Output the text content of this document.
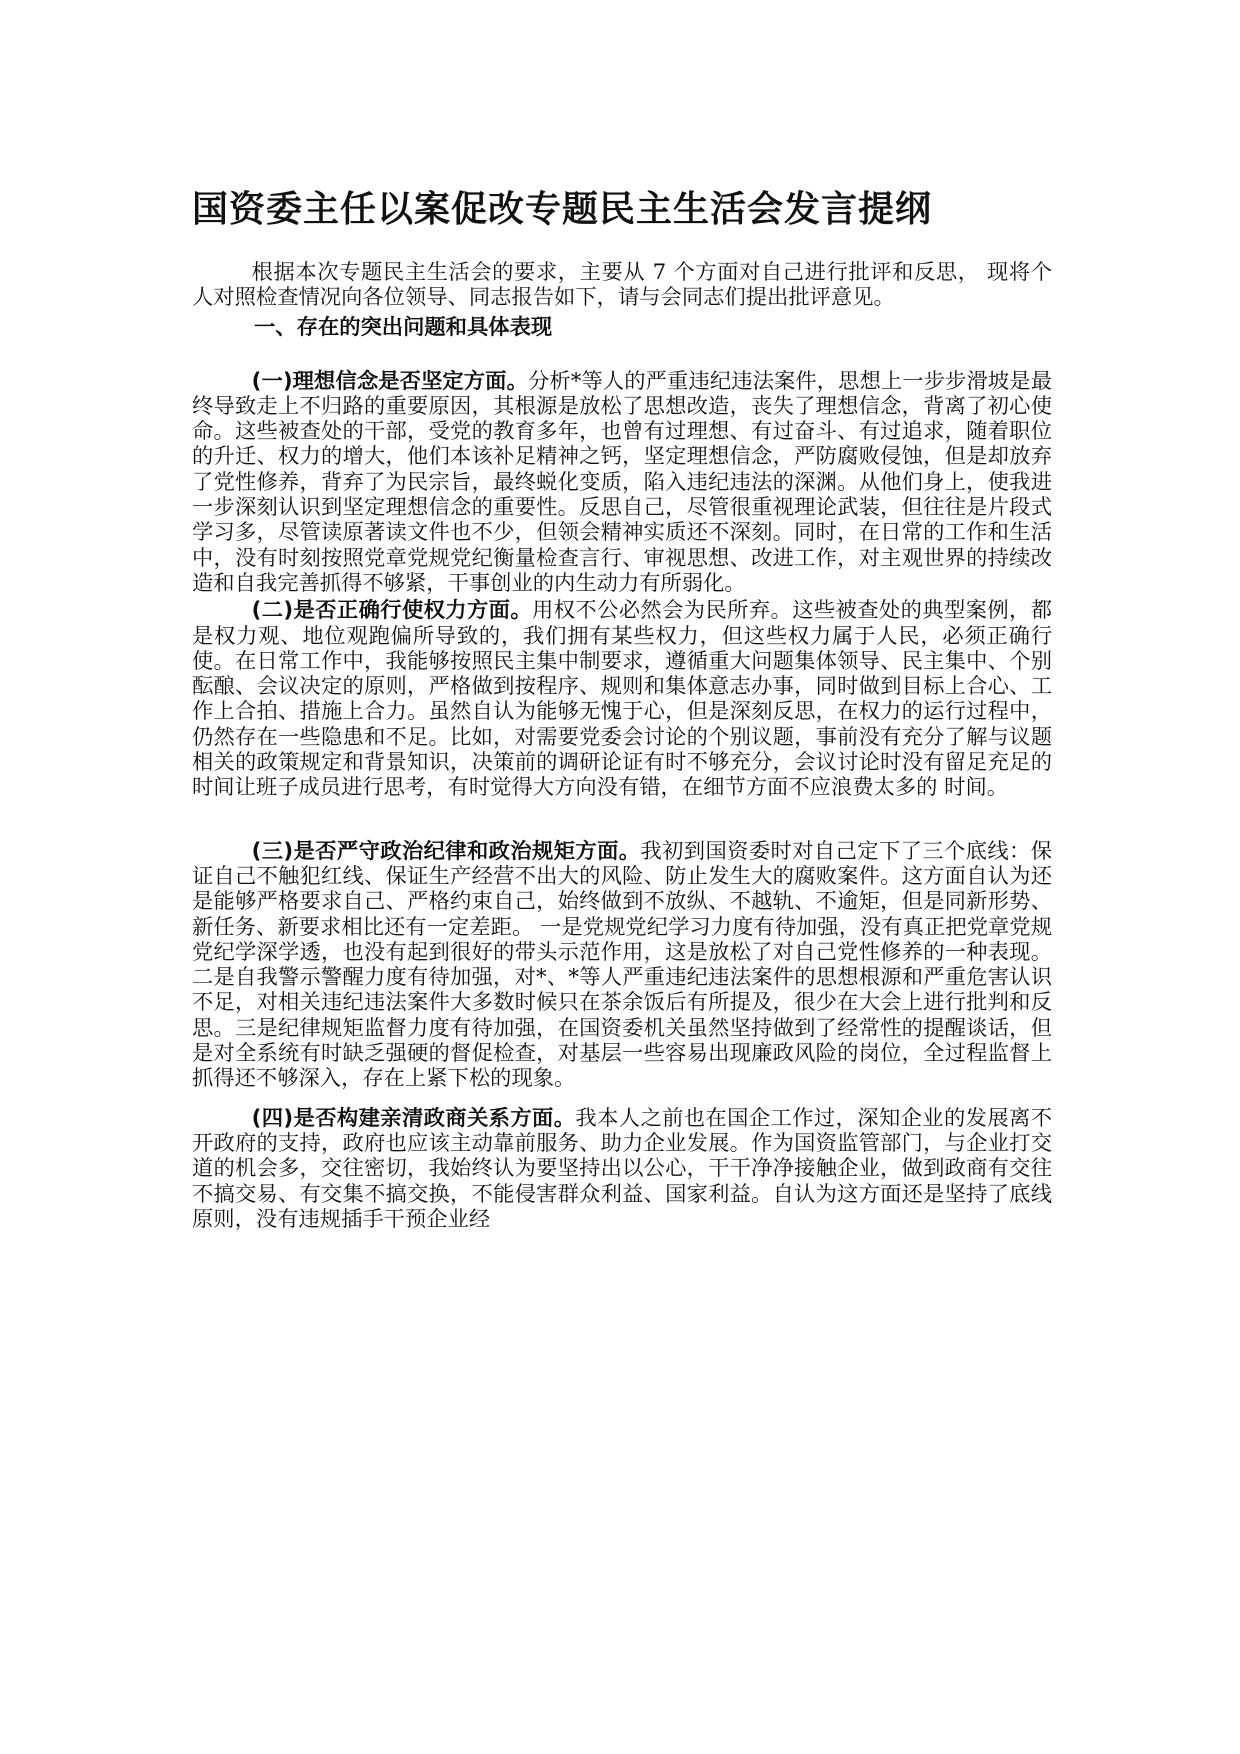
国资委主任以案促改专题民主生活会发言提纲

根据本次专题民主生活会的要求，主要从 7 个方面对自己进行批评和反思， 现将个人对照检查情况向各位领导、同志报告如下，请与会同志们提出批评意见。

一、存在的突出问题和具体表现

(一)理想信念是否坚定方面。分析*等人的严重违纪违法案件，思想上一步步滑坡是最终导致走上不归路的重要原因，其根源是放松了思想改造，丧失了理想信念，背离了初心使命。这些被查处的干部，受党的教育多年，也曾有过理想、有过奋斗、有过追求，随着职位的升迁、权力的增大，他们本该补足精神之钙，坚定理想信念，严防腐败侵蚀，但是却放弃了党性修养，背弃了为民宗旨，最终蜕化变质，陷入违纪违法的深渊。从他们身上，使我进一步深刻认识到坚定理想信念的重要性。反思自己，尽管很重视理论武装，但往往是片段式学习多，尽管读原著读文件也不少，但领会精神实质还不深刻。同时，在日常的工作和生活中，没有时刻按照党章党规党纪衡量检查言行、审视思想、改进工作，对主观世界的持续改造和自我完善抓得不够紧，干事创业的内生动力有所弱化。

(二)是否正确行使权力方面。用权不公必然会为民所弃。这些被查处的典型案例，都是权力观、地位观跑偏所导致的，我们拥有某些权力，但这些权力属于人民，必须正确行使。在日常工作中，我能够按照民主集中制要求，遵循重大问题集体领导、民主集中、个别酝酿、会议决定的原则，严格做到按程序、规则和集体意志办事，同时做到目标上合心、工作上合拍、措施上合力。虽然自认为能够无愧于心，但是深刻反思，在权力的运行过程中，仍然存在一些隐患和不足。比如，对需要党委会讨论的个别议题，事前没有充分了解与议题相关的政策规定和背景知识，决策前的调研论证有时不够充分，会议讨论时没有留足充足的时间让班子成员进行思考，有时觉得大方向没有错，在细节方面不应浪费太多的 时间。

(三)是否严守政治纪律和政治规矩方面。我初到国资委时对自己定下了三个底线：保证自己不触犯红线、保证生产经营不出大的风险、防止发生大的腐败案件。这方面自认为还是能够严格要求自己、严格约束自己，始终做到不放纵、不越轨、不逾矩，但是同新形势、新任务、新要求相比还有一定差距。 一是党规党纪学习力度有待加强，没有真正把党章党规党纪学深学透，也没有起到很好的带头示范作用，这是放松了对自己党性修养的一种表现。二是自我警示警醒力度有待加强，对*、*等人严重违纪违法案件的思想根源和严重危害认识不足，对相关违纪违法案件大多数时候只在茶余饭后有所提及，很少在大会上进行批判和反思。三是纪律规矩监督力度有待加强，在国资委机关虽然坚持做到了经常性的提醒谈话，但是对全系统有时缺乏强硬的督促检查，对基层一些容易出现廉政风险的岗位，全过程监督上抓得还不够深入，存在上紧下松的现象。

(四)是否构建亲清政商关系方面。我本人之前也在国企工作过，深知企业的发展离不开政府的支持，政府也应该主动靠前服务、助力企业发展。作为国资监管部门，与企业打交道的机会多，交往密切，我始终认为要坚持出以公心，干干净净接触企业，做到政商有交往不搞交易、有交集不搞交换，不能侵害群众利益、国家利益。自认为这方面还是坚持了底线原则，没有违规插手干预企业经
